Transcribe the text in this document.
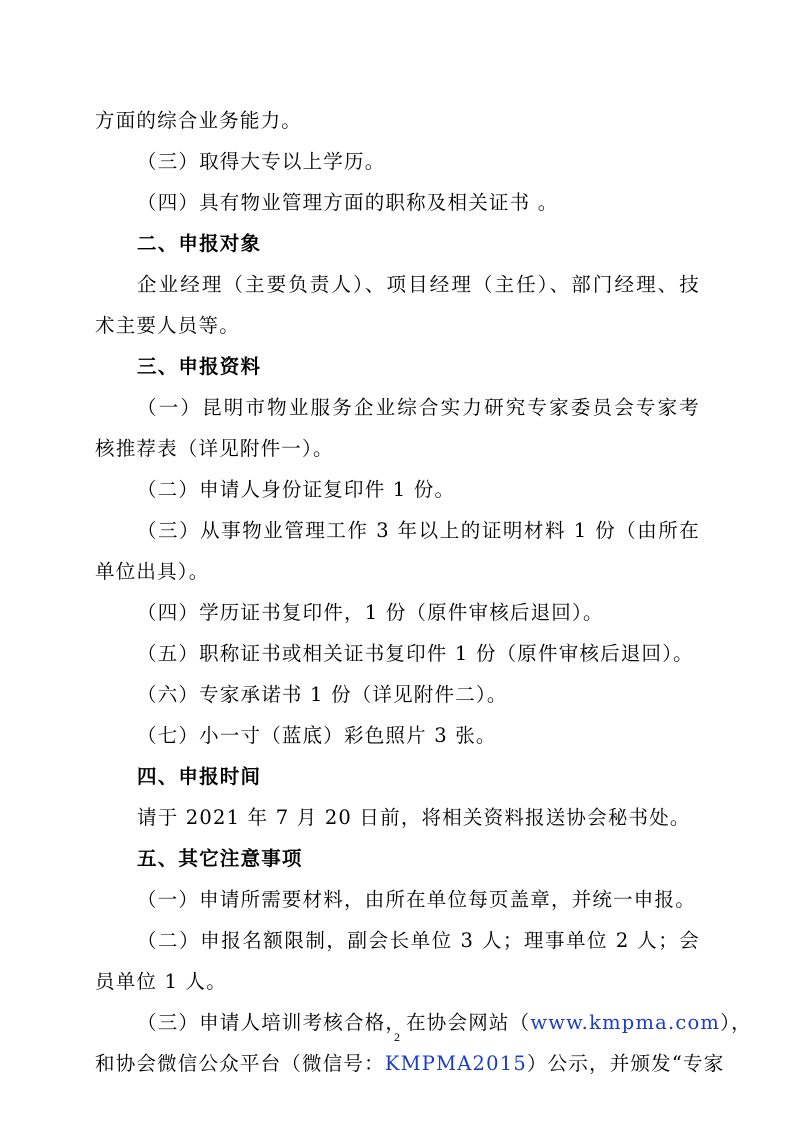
方面的综合业务能力。
（三）取得大专以上学历。
（四）具有物业管理方面的职称及相关证书 。
二、申报对象
企业经理（主要负责人）、项目经理（主任）、部门经理、技
术主要人员等。
三、申报资料
（一）昆明市物业服务企业综合实力研究专家委员会专家考
核推荐表（详见附件一）。
（二）申请人身份证复印件 1 份。
（三）从事物业管理工作 3 年以上的证明材料 1 份（由所在
单位出具）。
（四）学历证书复印件，1 份（原件审核后退回）。
（五）职称证书或相关证书复印件 1 份（原件审核后退回）。
（六）专家承诺书 1 份（详见附件二）。
（七）小一寸（蓝底）彩色照片 3 张。
四、申报时间
请于 2021 年 7 月 20 日前，将相关资料报送协会秘书处。
五、其它注意事项
（一）申请所需要材料，由所在单位每页盖章，并统一申报。
（二）申报名额限制，副会长单位 3 人；理事单位 2 人；会
员单位 1 人。
（三）申请人培训考核合格，在协会网站（www.kmpma.com），
和协会微信公众平台（微信号：KMPMA2015）公示，并颁发“专家
2
